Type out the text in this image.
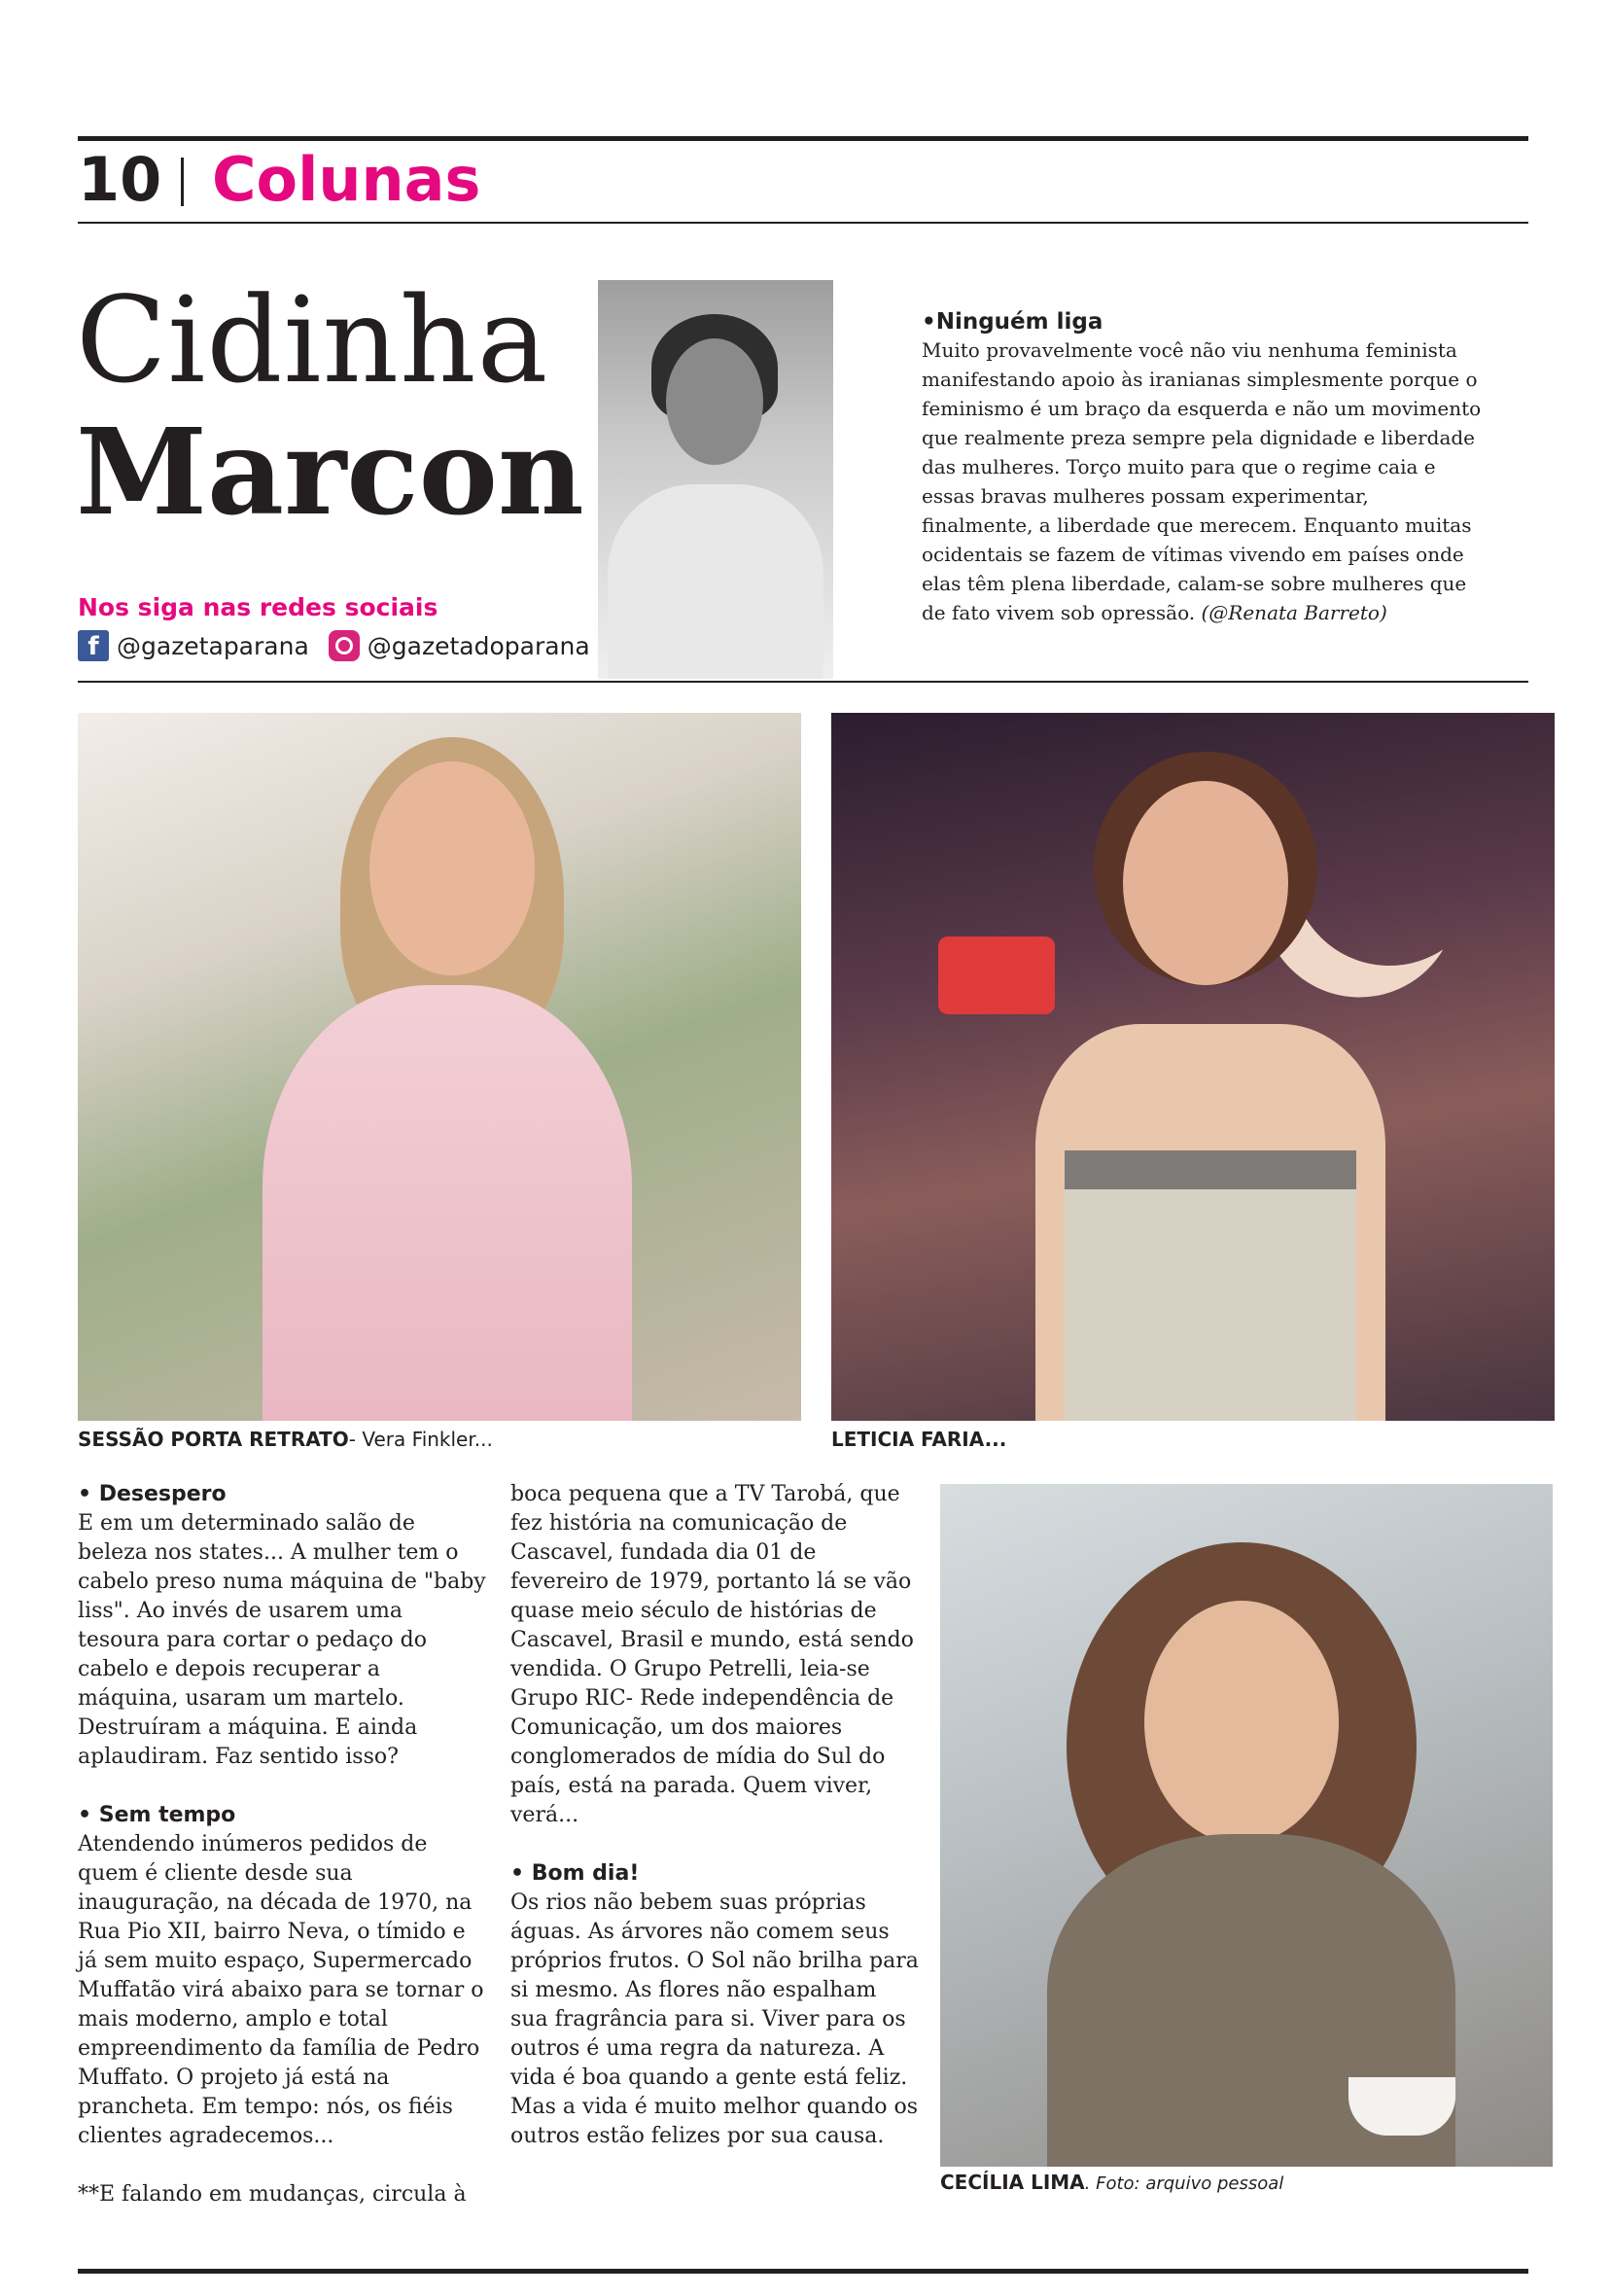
10 Colunas
Cidinha
Marcon
Nos siga nas redes sociais
f @gazetaparana @gazetadoparana
•Ninguém liga
Muito provavelmente você não viu nenhuma feminista manifestando apoio às iranianas simplesmente porque o feminismo é um braço da esquerda e não um movimento que realmente preza sempre pela dignidade e liberdade das mulheres. Torço muito para que o regime caia e essas bravas mulheres possam experimentar, finalmente, a liberdade que merecem. Enquanto muitas ocidentais se fazem de vítimas vivendo em países onde elas têm plena liberdade, calam-se sobre mulheres que de fato vivem sob opressão. (@Renata Barreto)
SESSÃO PORTA RETRATO- Vera Finkler...	LETICIA FARIA...
• Desespero
E em um determinado salão de beleza nos states... A mulher tem o cabelo preso numa máquina de "baby liss". Ao invés de usarem uma tesoura para cortar o pedaço do cabelo e depois recuperar a máquina, usaram um martelo. Destruíram a máquina. E ainda aplaudiram. Faz sentido isso?
• Sem tempo
Atendendo inúmeros pedidos de quem é cliente desde sua inauguração, na década de 1970, na Rua Pio XII, bairro Neva, o tímido e já sem muito espaço, Supermercado Muffatão virá abaixo para se tornar o mais moderno, amplo e total empreendimento da família de Pedro Muffato. O projeto já está na prancheta. Em tempo: nós, os fiéis clientes agradecemos...
**E falando em mudanças, circula à
boca pequena que a TV Tarobá, que fez história na comunicação de Cascavel, fundada dia 01 de fevereiro de 1979, portanto lá se vão quase meio século de histórias de Cascavel, Brasil e mundo, está sendo vendida. O Grupo Petrelli, leia-se Grupo RIC- Rede independência de Comunicação, um dos maiores conglomerados de mídia do Sul do país, está na parada. Quem viver, verá...
• Bom dia!
Os rios não bebem suas próprias águas. As árvores não comem seus próprios frutos. O Sol não brilha para si mesmo. As flores não espalham sua fragrância para si. Viver para os outros é uma regra da natureza. A vida é boa quando a gente está feliz. Mas a vida é muito melhor quando os outros estão felizes por sua causa.
CECÍLIA LIMA. Foto: arquivo pessoal
